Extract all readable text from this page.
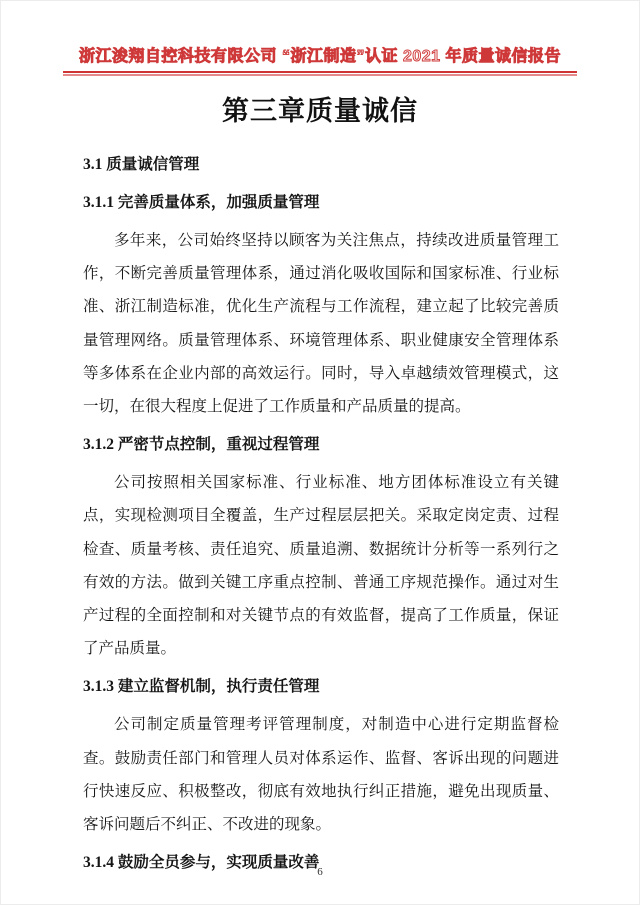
浙江浚翔自控科技有限公司 “浙江制造”认证 2021 年质量诚信报告
第三章质量诚信
3.1 质量诚信管理
3.1.1 完善质量体系，加强质量管理

多年来，公司始终坚持以顾客为关注焦点，持续改进质量管理工作，不断完善质量管理体系，通过消化吸收国际和国家标准、行业标准、浙江制造标准，优化生产流程与工作流程，建立起了比较完善质量管理网络。质量管理体系、环境管理体系、职业健康安全管理体系等多体系在企业内部的高效运行。同时，导入卓越绩效管理模式，这一切，在很大程度上促进了工作质量和产品质量的提高。

3.1.2 严密节点控制，重视过程管理

公司按照相关国家标准、行业标准、地方团体标准设立有关键点，实现检测项目全覆盖，生产过程层层把关。采取定岗定责、过程检查、质量考核、责任追究、质量追溯、数据统计分析等一系列行之有效的方法。做到关键工序重点控制、普通工序规范操作。通过对生产过程的全面控制和对关键节点的有效监督，提高了工作质量，保证了产品质量。

3.1.3 建立监督机制，执行责任管理

公司制定质量管理考评管理制度，对制造中心进行定期监督检查。鼓励责任部门和管理人员对体系运作、监督、客诉出现的问题进行快速反应、积极整改，彻底有效地执行纠正措施，避免出现质量、客诉问题后不纠正、不改进的现象。

3.1.4 鼓励全员参与，实现质量改善
6
